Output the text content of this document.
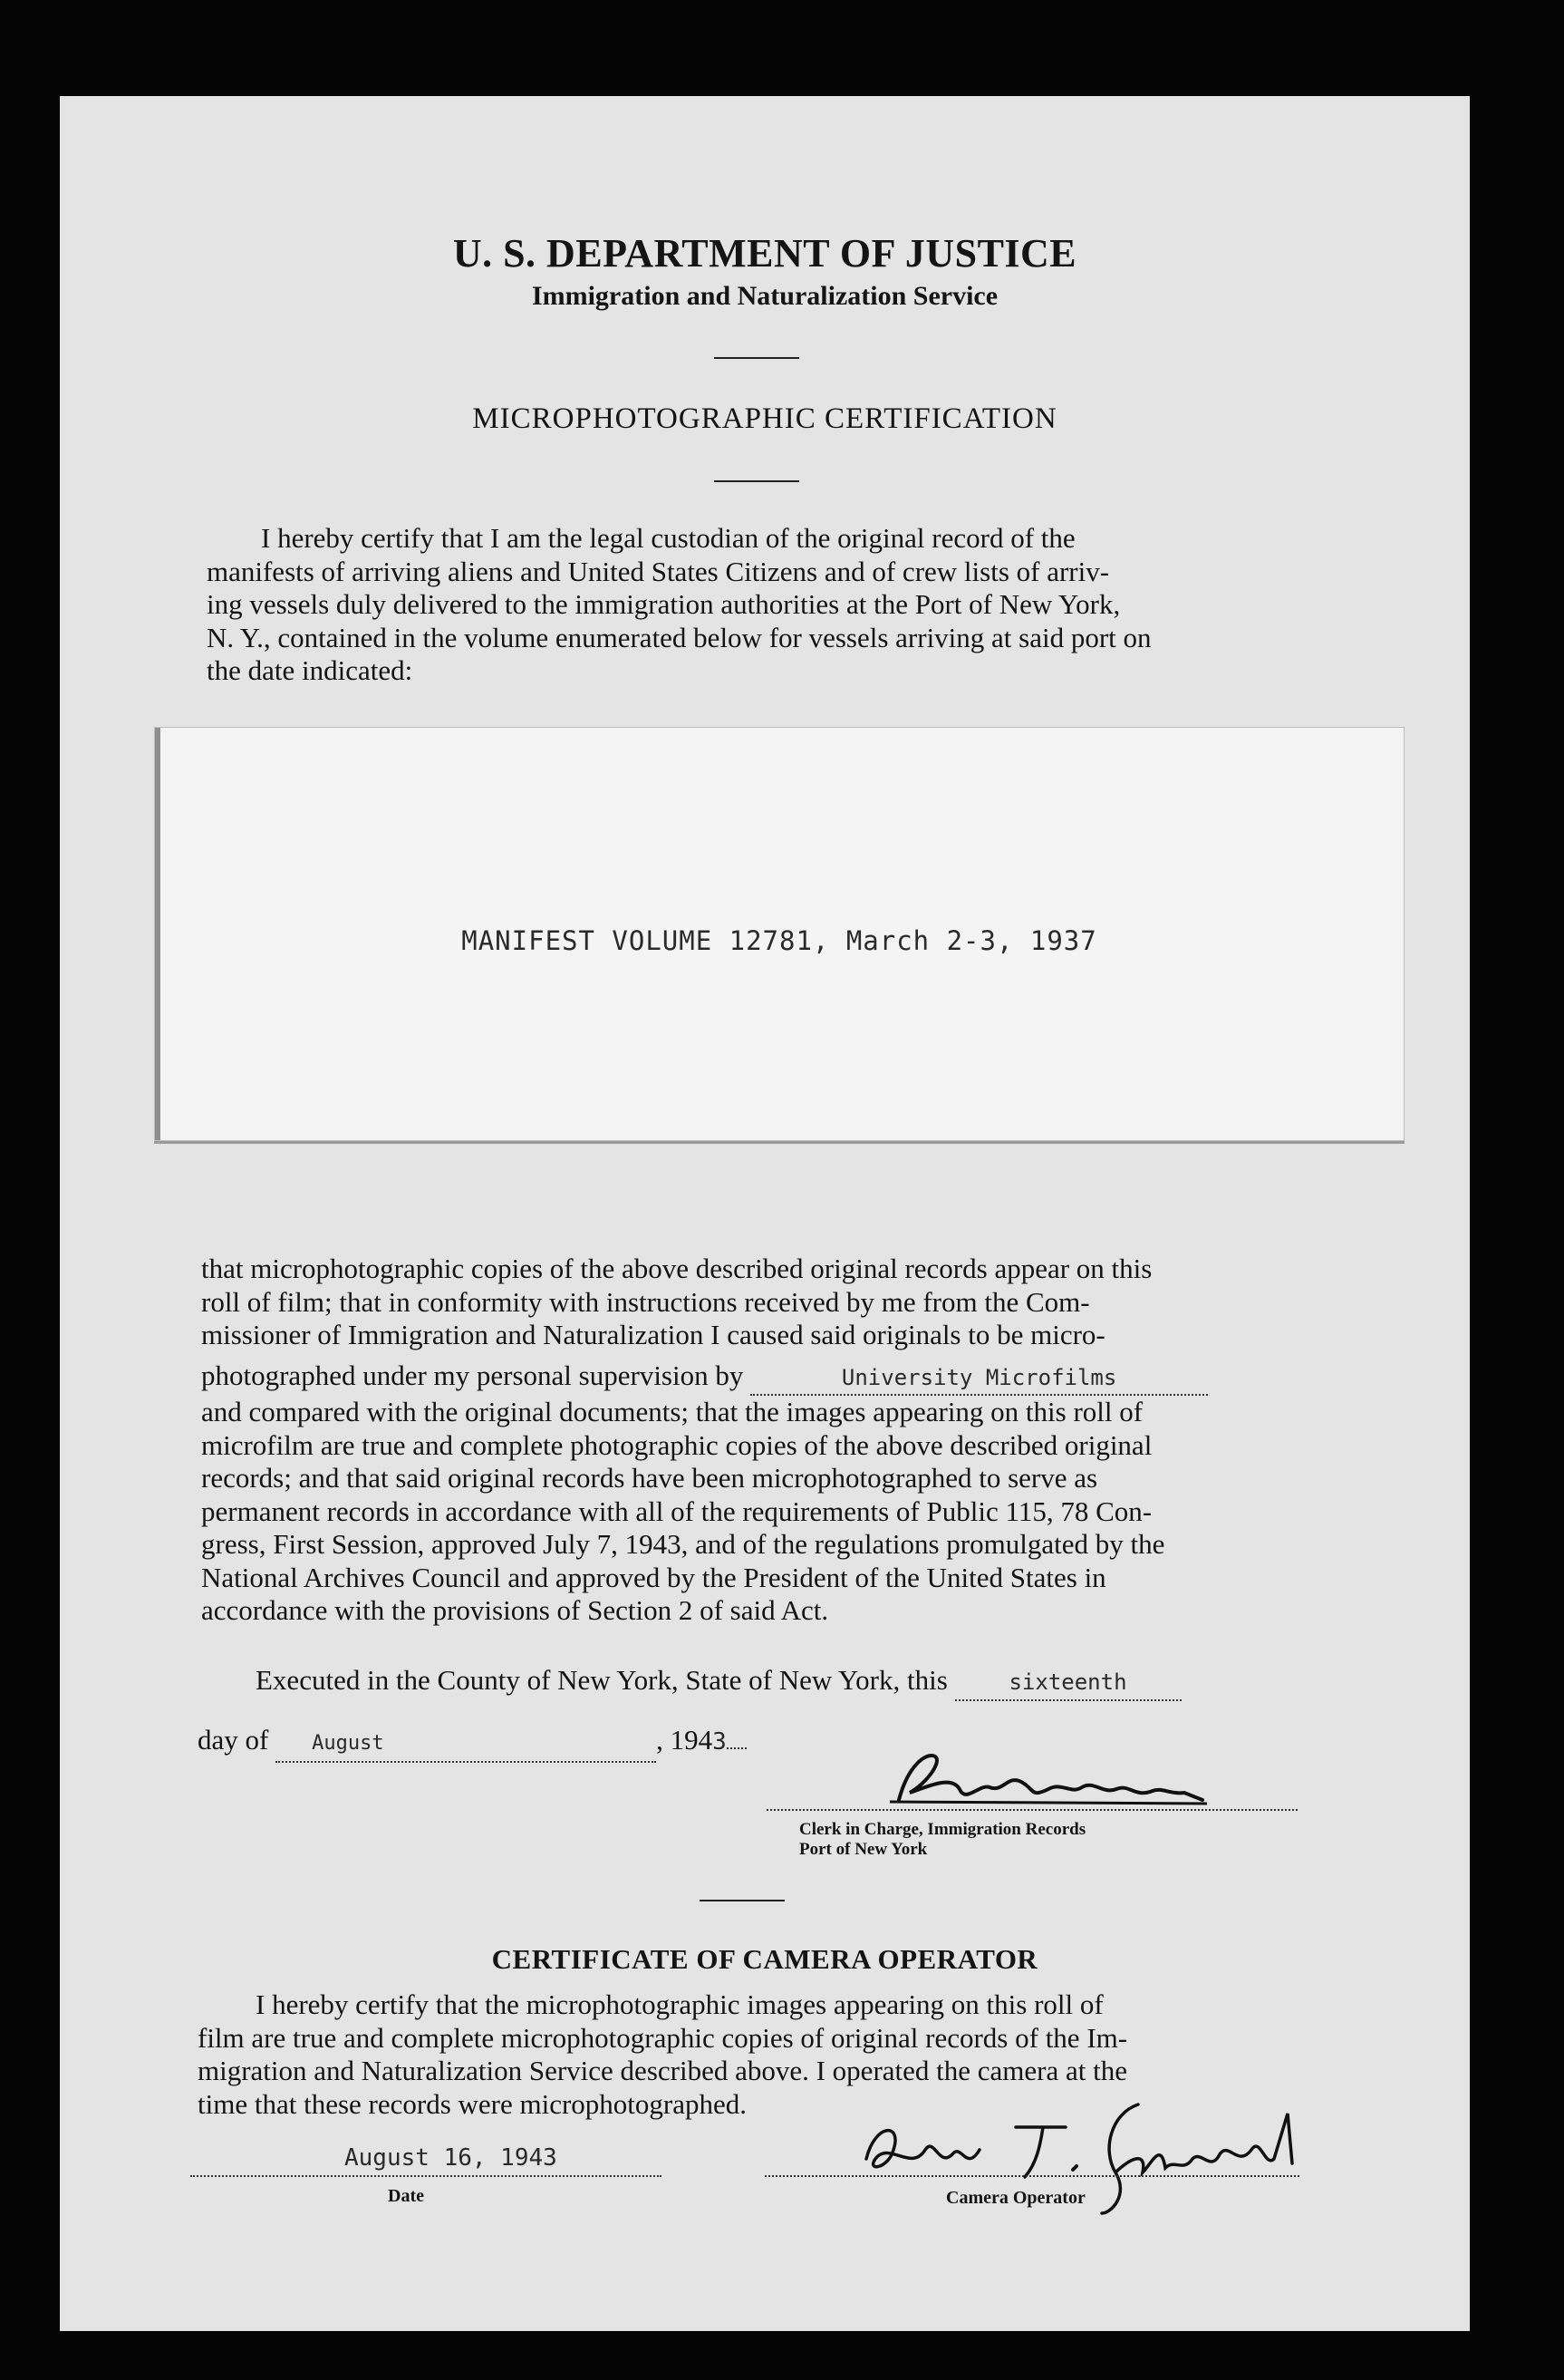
U. S. DEPARTMENT OF JUSTICE
Immigration and Naturalization Service
MICROPHOTOGRAPHIC CERTIFICATION
I hereby certify that I am the legal custodian of the original record of the
manifests of arriving aliens and United States Citizens and of crew lists of arriv-
ing vessels duly delivered to the immigration authorities at the Port of New York,
N. Y., contained in the volume enumerated below for vessels arriving at said port on
the date indicated:
MANIFEST VOLUME 12781, March 2-3, 1937
that microphotographic copies of the above described original records appear on this
roll of film; that in conformity with instructions received by me from the Com-
missioner of Immigration and Naturalization I caused said originals to be micro-
photographed under my personal supervision by	University Microfilms
and compared with the original documents; that the images appearing on this roll of
microfilm are true and complete photographic copies of the above described original
records; and that said original records have been microphotographed to serve as
permanent records in accordance with all of the requirements of Public 115, 78 Con-
gress, First Session, approved July 7, 1943, and of the regulations promulgated by the
National Archives Council and approved by the President of the United States in
accordance with the provisions of Section 2 of said Act.
Executed in the County of New York, State of New York, this	sixteenth
day of August	, 1943
Clerk in Charge, Immigration Records
Port of New York
CERTIFICATE OF CAMERA OPERATOR
I hereby certify that the microphotographic images appearing on this roll of
film are true and complete microphotographic copies of original records of the Im-
migration and Naturalization Service described above. I operated the camera at the
time that these records were microphotographed.
August 16, 1943
Date	Camera Operator
